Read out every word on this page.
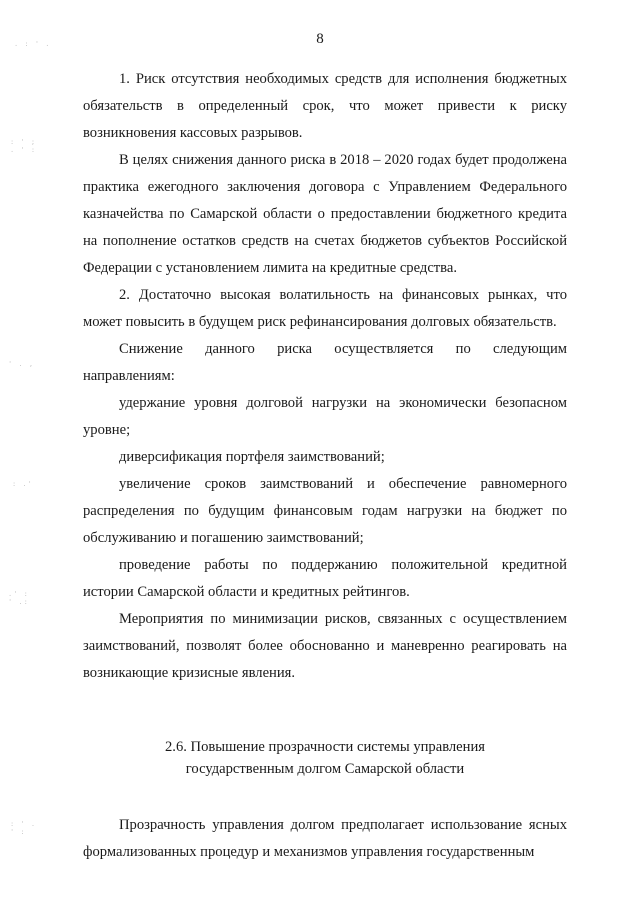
8
. : ' .
: ' ;
. ' :
' . ,
: .'
.' :
' .:
: ' .
' :

1. Риск отсутствия необходимых средств для исполнения бюджетных обязательств в определенный срок, что может привести к риску возникновения кассовых разрывов.

В целях снижения данного риска в 2018 – 2020 годах будет продолжена практика ежегодного заключения договора с Управлением Федерального казначейства по Самарской области о предоставлении бюджетного кредита на пополнение остатков средств на счетах бюджетов субъектов Российской Федерации с установлением лимита на кредитные средства.

2. Достаточно высокая волатильность на финансовых рынках, что может повысить в будущем риск рефинансирования долговых обязательств.

Снижение данного риска осуществляется по следующим направлениям:

удержание уровня долговой нагрузки на экономически безопасном уровне;

диверсификация портфеля заимствований;

увеличение сроков заимствований и обеспечение равномерного распределения по будущим финансовым годам нагрузки на бюджет по обслуживанию и погашению заимствований;

проведение работы по поддержанию положительной кредитной истории Самарской области и кредитных рейтингов.

Мероприятия по минимизации рисков, связанных с осуществлением заимствований, позволят более обоснованно и маневренно реагировать на возникающие кризисные явления.

2.6. Повышение прозрачности системы управления
государственным долгом Самарской области

Прозрачность управления долгом предполагает использование ясных формализованных процедур и механизмов управления государственным
